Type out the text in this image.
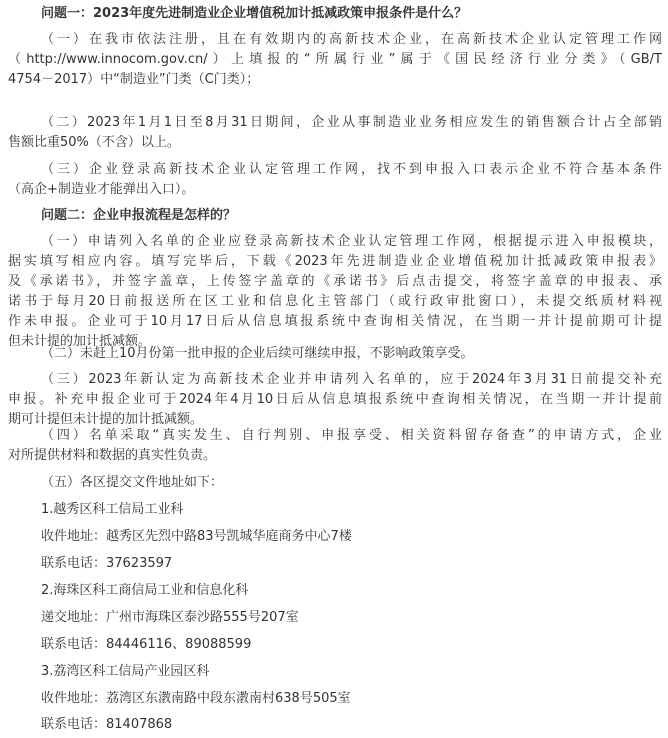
问题一：2023年度先进制造业企业增值税加计抵减政策申报条件是什么？
（一）在我市依法注册，且在有效期内的高新技术企业，在高新技术企业认定管理工作网
（http://www.innocom.gov.cn/）上填报的“所属行业”属于《国民经济行业分类》（GB/T
4754－2017）中“制造业”门类（C门类）；
（二）2023年1月1日至8月31日期间，企业从事制造业业务相应发生的销售额合计占全部销
售额比重50%（不含）以上。
（三）企业登录高新技术企业认定管理工作网，找不到申报入口表示企业不符合基本条件
（高企+制造业才能弹出入口）。
问题二：企业申报流程是怎样的？
（一）申请列入名单的企业应登录高新技术企业认定管理工作网，根据提示进入申报模块，
据实填写相应内容。填写完毕后，下载《2023年先进制造业企业增值税加计抵减政策申报表》
及《承诺书》，并签字盖章，上传签字盖章的《承诺书》后点击提交，将签字盖章的申报表、承
诺书于每月20日前报送所在区工业和信息化主管部门（或行政审批窗口），未提交纸质材料视
作未申报。企业可于10月17日后从信息填报系统中查询相关情况，在当期一并计提前期可计提
但未计提的加计抵减额。
（二）未赶上10月份第一批申报的企业后续可继续申报，不影响政策享受。
（三）2023年新认定为高新技术企业并申请列入名单的，应于2024年3月31日前提交补充
申报。补充申报企业可于2024年4月10日后从信息填报系统中查询相关情况，在当期一并计提前
期可计提但未计提的加计抵减额。
（四）名单采取“真实发生、自行判别、申报享受、相关资料留存备查”的申请方式，企业
对所提供材料和数据的真实性负责。
（五）各区提交文件地址如下：
1.越秀区科工信局工业科
收件地址：越秀区先烈中路83号凯城华庭商务中心7楼
联系电话：37623597
2.海珠区科工商信局工业和信息化科
递交地址：广州市海珠区泰沙路555号207室
联系电话：84446116、89088599
3.荔湾区科工信局产业园区科
收件地址：荔湾区东漖南路中段东漖南村638号505室
联系电话：81407868
